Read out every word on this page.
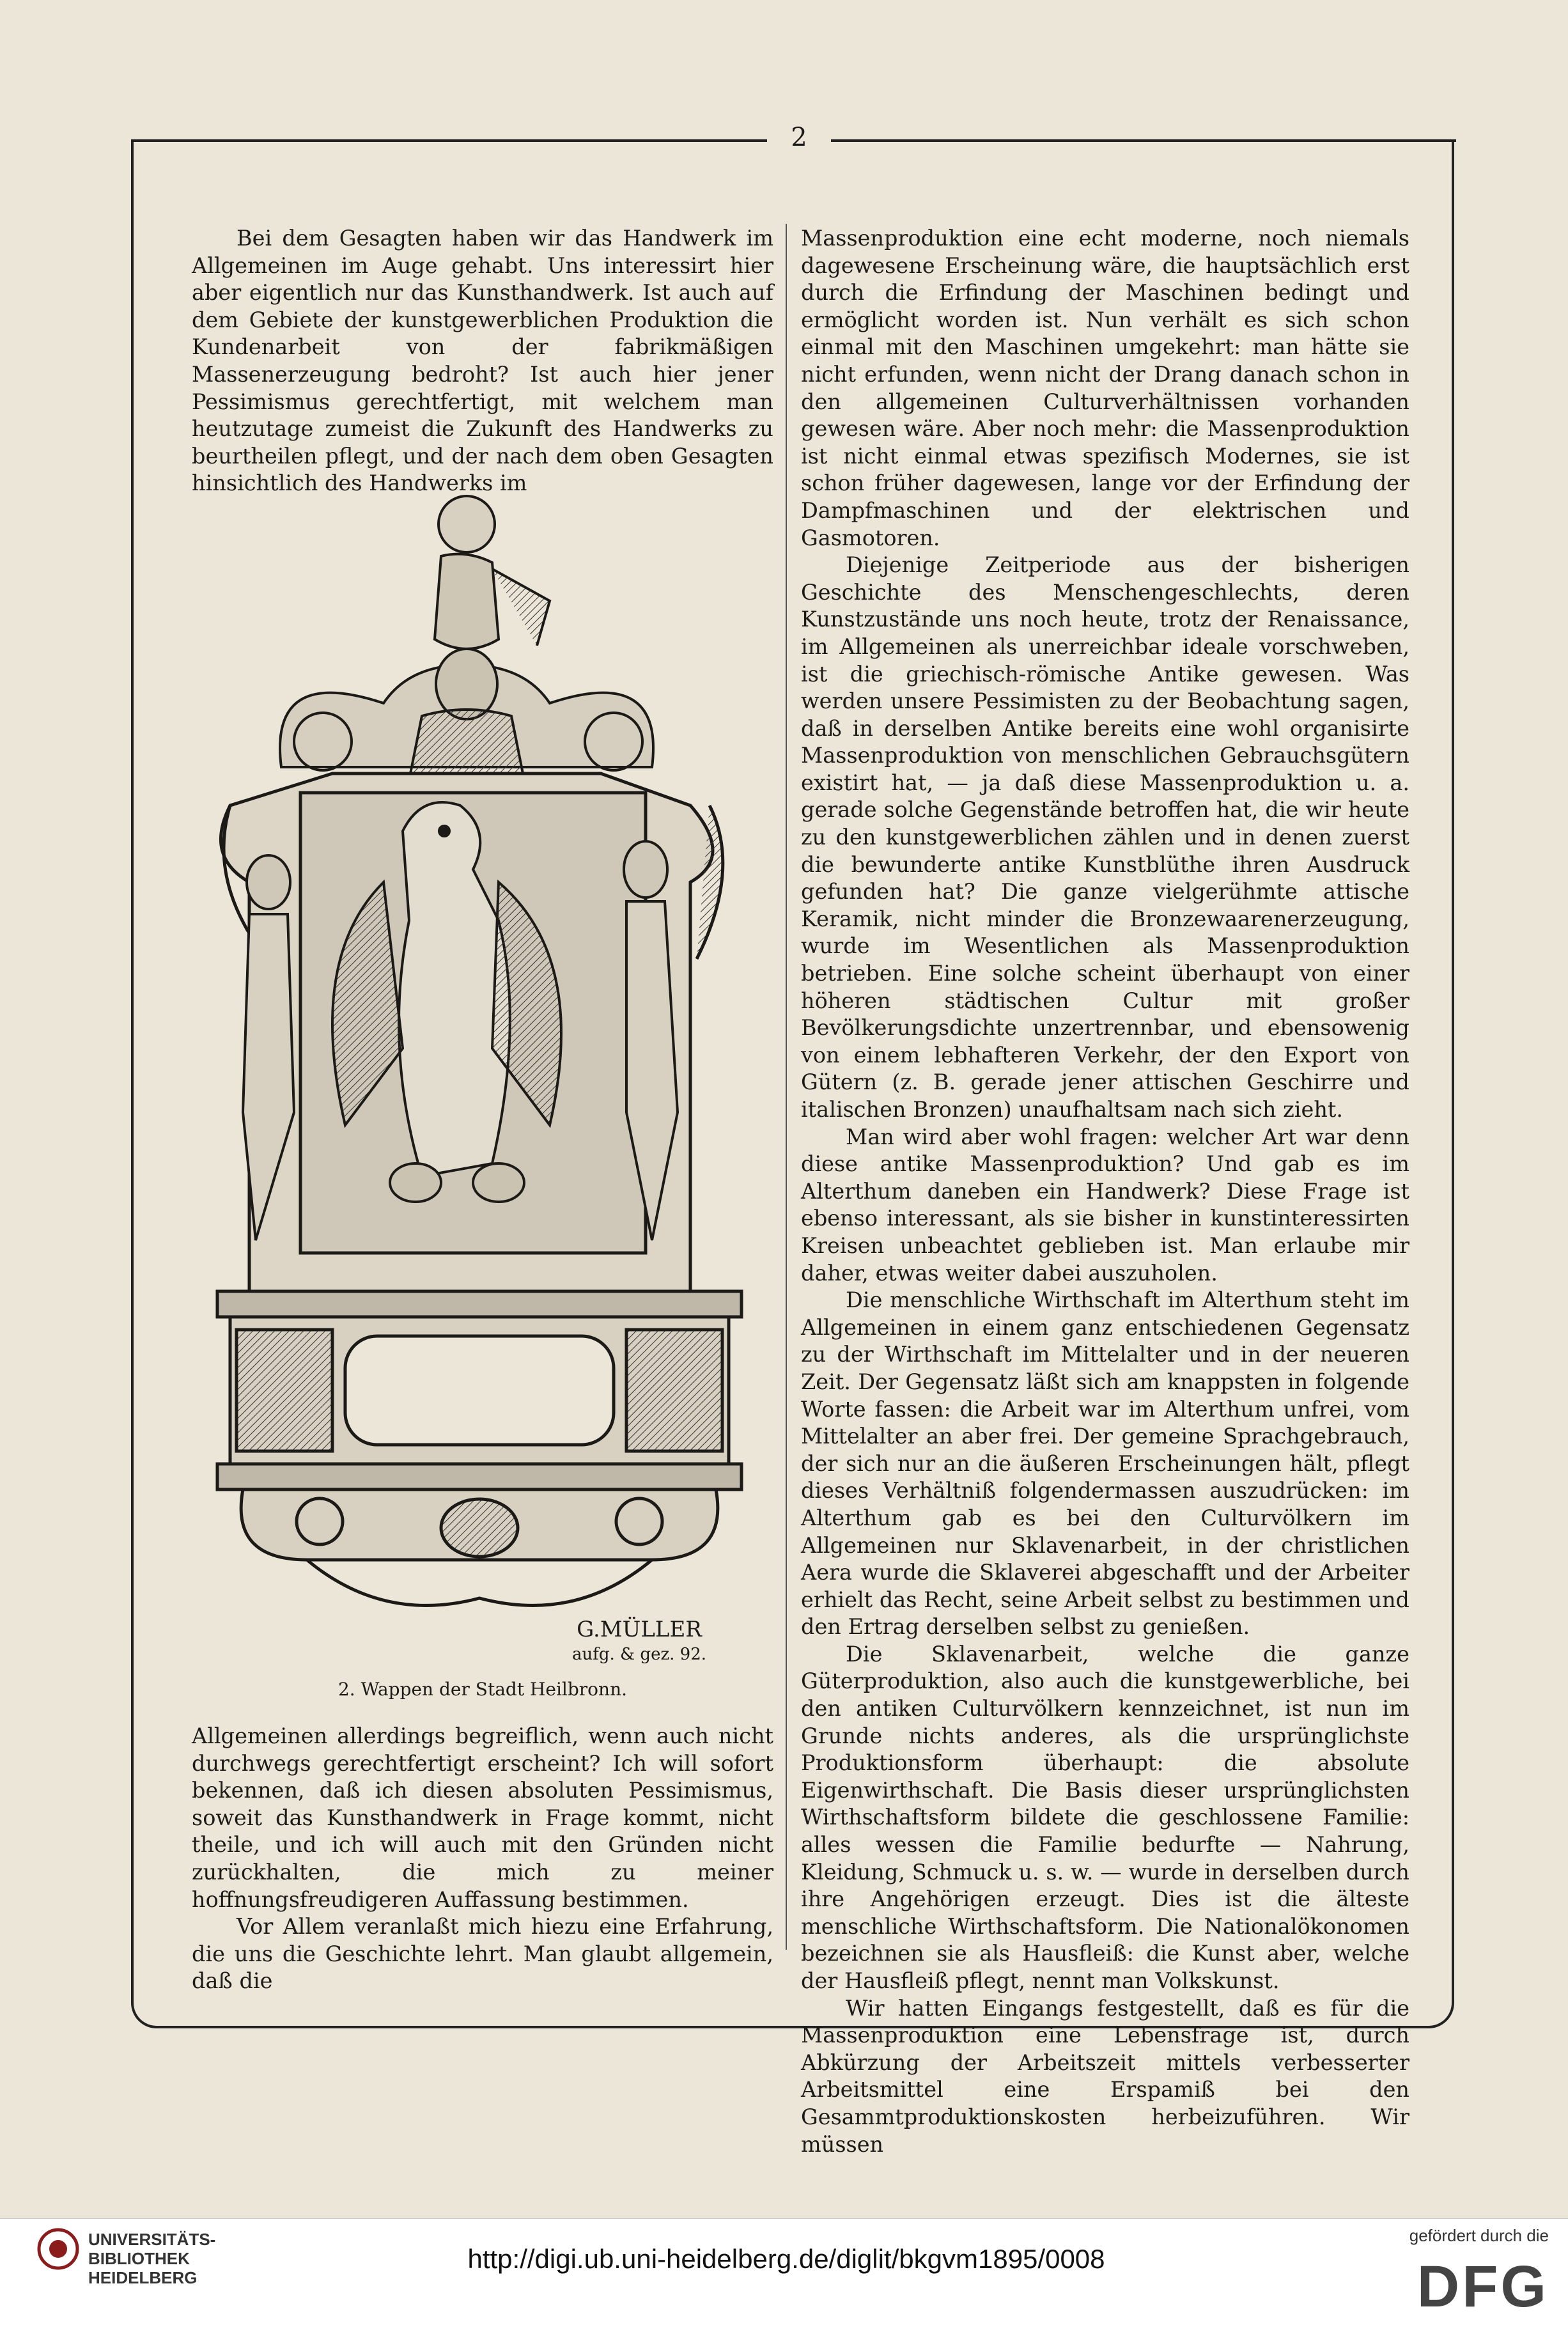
2

Bei dem Gesagten haben wir das Handwerk im Allgemeinen im Auge gehabt. Uns interessirt hier aber eigentlich nur das Kunsthandwerk. Ist auch auf dem Gebiete der kunstgewerblichen Produktion die Kundenarbeit von der fabrikmäßigen Massenerzeugung bedroht? Ist auch hier jener Pessimismus gerechtfertigt, mit welchem man heutzutage zumeist die Zukunft des Handwerks zu beurtheilen pflegt, und der nach dem oben Gesagten hinsichtlich des Handwerks im

G.MÜLLER
aufg. & gez. 92.
2. Wappen der Stadt Heilbronn.

Allgemeinen allerdings begreiflich, wenn auch nicht durchwegs gerechtfertigt erscheint? Ich will sofort bekennen, daß ich diesen absoluten Pessimismus, soweit das Kunsthandwerk in Frage kommt, nicht theile, und ich will auch mit den Gründen nicht zurückhalten, die mich zu meiner hoffnungsfreudigeren Auffassung bestimmen.

Vor Allem veranlaßt mich hiezu eine Erfahrung, die uns die Geschichte lehrt. Man glaubt allgemein, daß die

Massenproduktion eine echt moderne, noch niemals dagewesene Erscheinung wäre, die hauptsächlich erst durch die Erfindung der Maschinen bedingt und ermöglicht worden ist. Nun verhält es sich schon einmal mit den Maschinen umgekehrt: man hätte sie nicht erfunden, wenn nicht der Drang danach schon in den allgemeinen Culturverhältnissen vorhanden gewesen wäre. Aber noch mehr: die Massenproduktion ist nicht einmal etwas spezifisch Modernes, sie ist schon früher dagewesen, lange vor der Erfindung der Dampfmaschinen und der elektrischen und Gasmotoren.

Diejenige Zeitperiode aus der bisherigen Geschichte des Menschengeschlechts, deren Kunstzustände uns noch heute, trotz der Renaissance, im Allgemeinen als unerreichbar ideale vorschweben, ist die griechisch-römische Antike gewesen. Was werden unsere Pessimisten zu der Beobachtung sagen, daß in derselben Antike bereits eine wohl organisirte Massenproduktion von menschlichen Gebrauchsgütern existirt hat, — ja daß diese Massenproduktion u. a. gerade solche Gegenstände betroffen hat, die wir heute zu den kunstgewerblichen zählen und in denen zuerst die bewunderte antike Kunstblüthe ihren Ausdruck gefunden hat? Die ganze vielgerühmte attische Keramik, nicht minder die Bronzewaarenerzeugung, wurde im Wesentlichen als Massenproduktion betrieben. Eine solche scheint überhaupt von einer höheren städtischen Cultur mit großer Bevölkerungsdichte unzertrennbar, und ebensowenig von einem lebhafteren Verkehr, der den Export von Gütern (z. B. gerade jener attischen Geschirre und italischen Bronzen) unaufhaltsam nach sich zieht.

Man wird aber wohl fragen: welcher Art war denn diese antike Massenproduktion? Und gab es im Alterthum daneben ein Handwerk? Diese Frage ist ebenso interessant, als sie bisher in kunstinteressirten Kreisen unbeachtet geblieben ist. Man erlaube mir daher, etwas weiter dabei auszuholen.

Die menschliche Wirthschaft im Alterthum steht im Allgemeinen in einem ganz entschiedenen Gegensatz zu der Wirthschaft im Mittelalter und in der neueren Zeit. Der Gegensatz läßt sich am knappsten in folgende Worte fassen: die Arbeit war im Alterthum unfrei, vom Mittelalter an aber frei. Der gemeine Sprachgebrauch, der sich nur an die äußeren Erscheinungen hält, pflegt dieses Verhältniß folgendermassen auszudrücken: im Alterthum gab es bei den Culturvölkern im Allgemeinen nur Sklavenarbeit, in der christlichen Aera wurde die Sklaverei abgeschafft und der Arbeiter erhielt das Recht, seine Arbeit selbst zu bestimmen und den Ertrag derselben selbst zu genießen.

Die Sklavenarbeit, welche die ganze Güterproduktion, also auch die kunstgewerbliche, bei den antiken Culturvölkern kennzeichnet, ist nun im Grunde nichts anderes, als die ursprünglichste Produktionsform überhaupt: die absolute Eigenwirthschaft. Die Basis dieser ursprünglichsten Wirthschaftsform bildete die geschlossene Familie: alles wessen die Familie bedurfte — Nahrung, Kleidung, Schmuck u. s. w. — wurde in derselben durch ihre Angehörigen erzeugt. Dies ist die älteste menschliche Wirthschaftsform. Die Nationalökonomen bezeichnen sie als Hausfleiß: die Kunst aber, welche der Hausfleiß pflegt, nennt man Volkskunst.

Wir hatten Eingangs festgestellt, daß es für die Massenproduktion eine Lebensfrage ist, durch Abkürzung der Arbeitszeit mittels verbesserter Arbeitsmittel eine Erspamiß bei den Gesammtproduktionskosten herbeizuführen. Wir müssen

UNIVERSITÄTS-
BIBLIOTHEK
HEIDELBERG
http://digi.ub.uni-heidelberg.de/diglit/bkgvm1895/0008
gefördert durch die
DFG
